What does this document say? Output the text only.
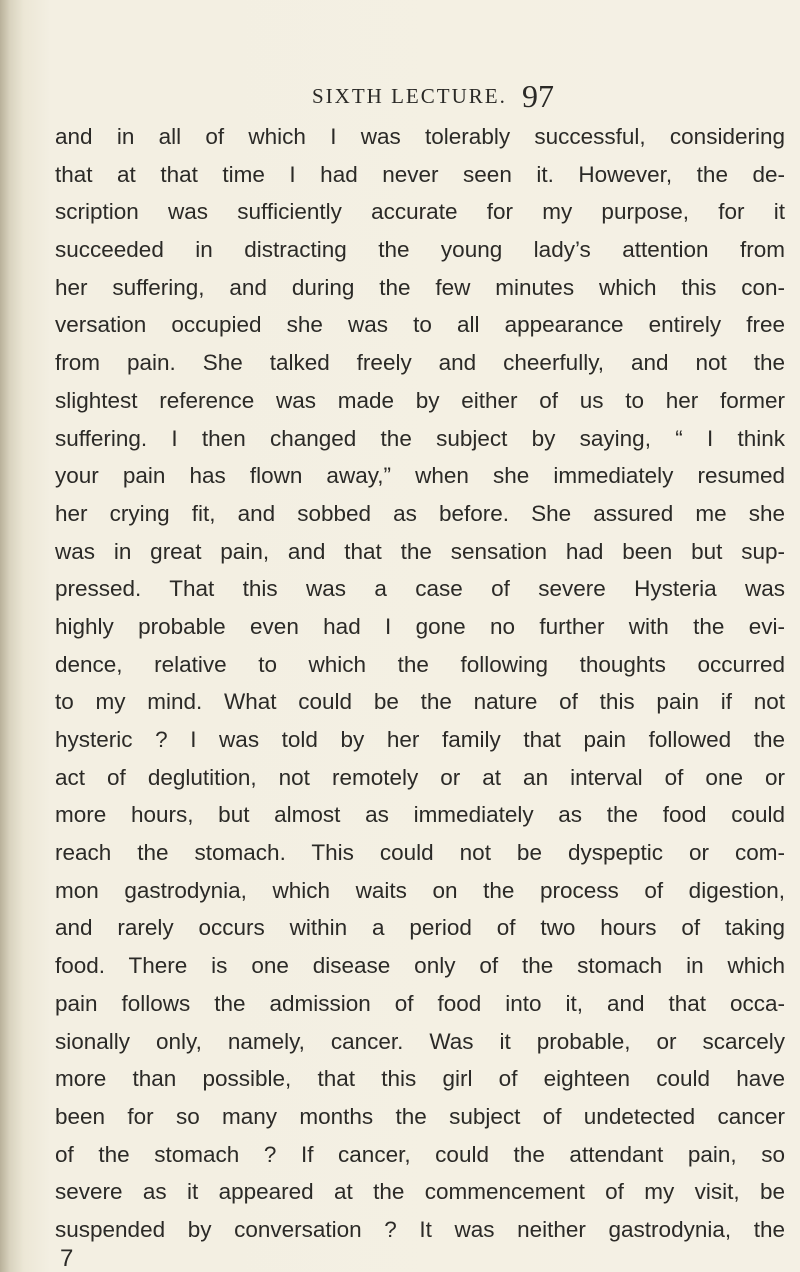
SIXTH LECTURE. 97
and in all of which I was tolerably successful, considering
that at that time I had never seen it. However, the de-
scription was sufficiently accurate for my purpose, for it
succeeded in distracting the young lady’s attention from
her suffering, and during the few minutes which this con-
versation occupied she was to all appearance entirely free
from pain. She talked freely and cheerfully, and not the
slightest reference was made by either of us to her former
suffering. I then changed the subject by saying, “ I think
your pain has flown away,” when she immediately resumed
her crying fit, and sobbed as before. She assured me she
was in great pain, and that the sensation had been but sup-
pressed. That this was a case of severe Hysteria was
highly probable even had I gone no further with the evi-
dence, relative to which the following thoughts occurred
to my mind. What could be the nature of this pain if not
hysteric ? I was told by her family that pain followed the
act of deglutition, not remotely or at an interval of one or
more hours, but almost as immediately as the food could
reach the stomach. This could not be dyspeptic or com-
mon gastrodynia, which waits on the process of digestion,
and rarely occurs within a period of two hours of taking
food. There is one disease only of the stomach in which
pain follows the admission of food into it, and that occa-
sionally only, namely, cancer. Was it probable, or scarcely
more than possible, that this girl of eighteen could have
been for so many months the subject of undetected cancer
of the stomach ? If cancer, could the attendant pain, so
severe as it appeared at the commencement of my visit, be
suspended by conversation ? It was neither gastrodynia, the
7
